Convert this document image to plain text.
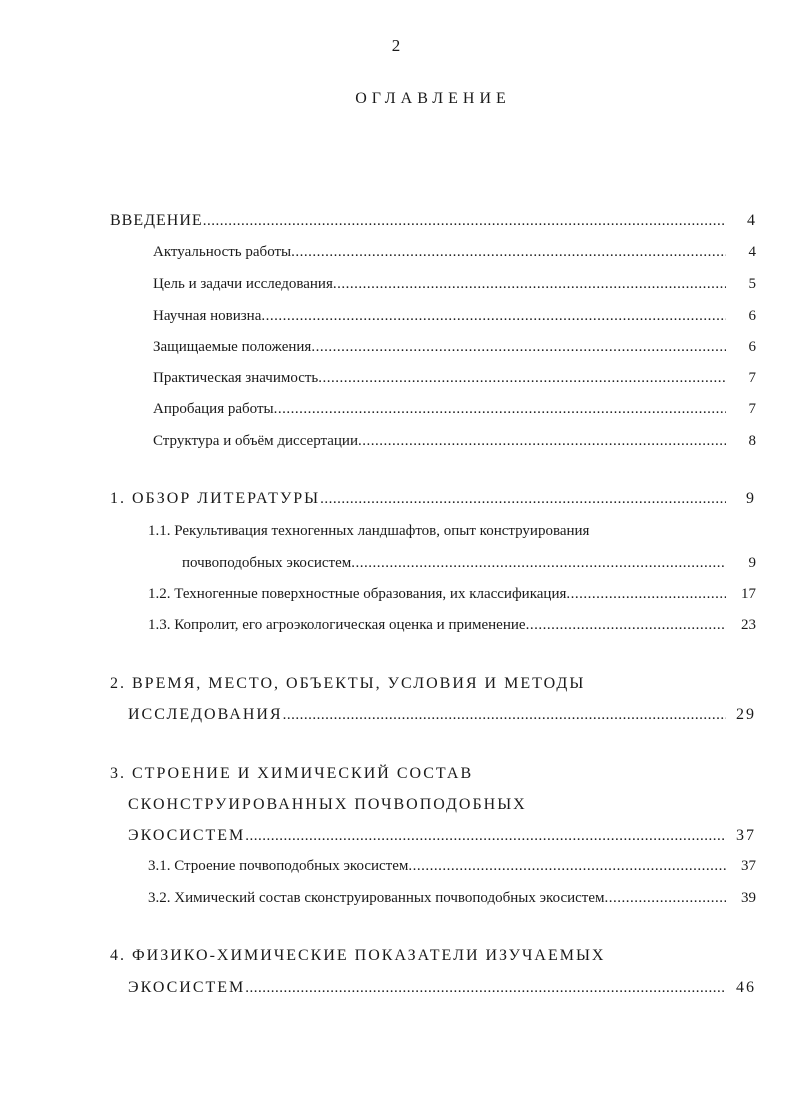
2
ОГЛАВЛЕНИЕ
ВВЕДЕНИЕ .....	4
Актуальность работы .....	4
Цель и задачи исследования .....	5
Научная новизна .....	6
Защищаемые положения .....	6
Практическая значимость .....	7
Апробация работы .....	7
Структура и объём диссертации .....	8
1. ОБЗОР ЛИТЕРАТУРЫ .....	9
1.1. Рекультивация техногенных ландшафтов, опыт конструирования
почвоподобных экосистем .....	9
1.2. Техногенные поверхностные образования, их классификация .....	17
1.3. Копролит, его агроэкологическая оценка и применение .....	23
2. ВРЕМЯ, МЕСТО, ОБЪЕКТЫ, УСЛОВИЯ И МЕТОДЫ
ИССЛЕДОВАНИЯ .....	29
3. СТРОЕНИЕ И ХИМИЧЕСКИЙ СОСТАВ
СКОНСТРУИРОВАННЫХ ПОЧВОПОДОБНЫХ
ЭКОСИСТЕМ .....	37
3.1. Строение почвоподобных экосистем .....	37
3.2. Химический состав сконструированных почвоподобных экосистем .....	39
4. ФИЗИКО-ХИМИЧЕСКИЕ ПОКАЗАТЕЛИ ИЗУЧАЕМЫХ
ЭКОСИСТЕМ .....	46
